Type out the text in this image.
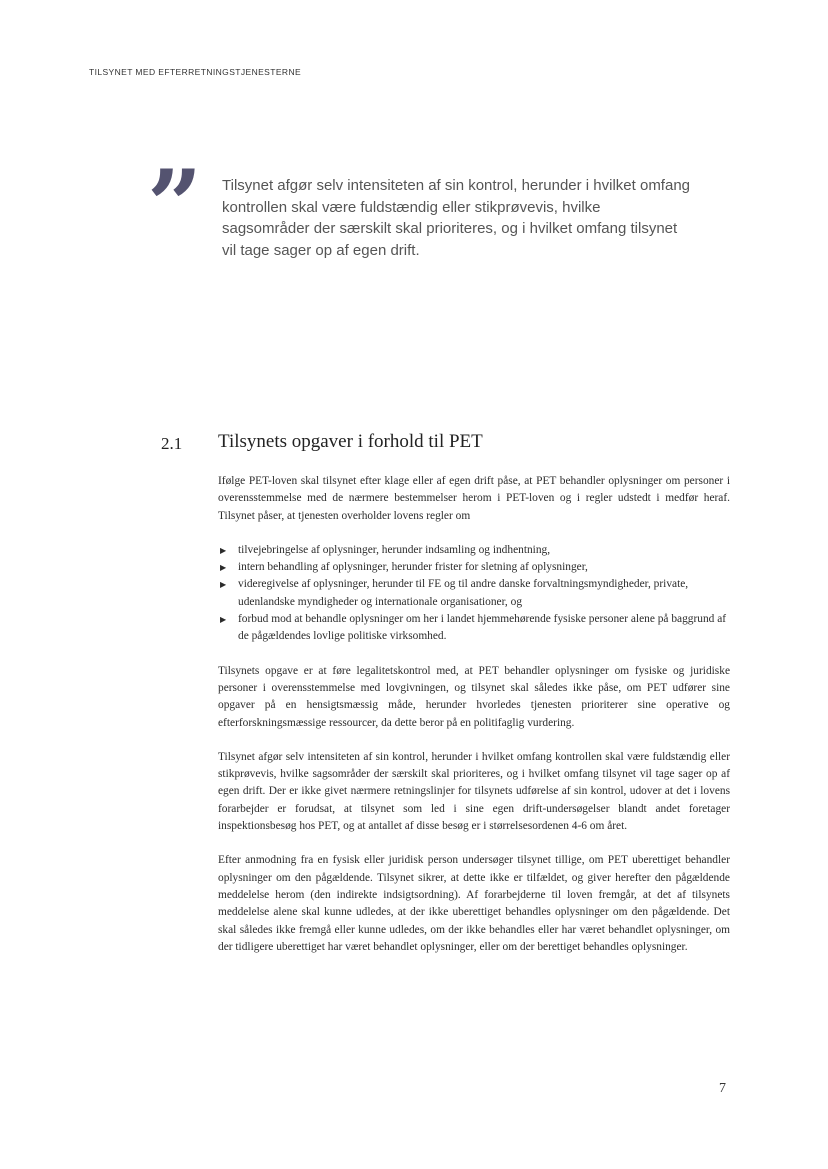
TILSYNET MED EFTERRETNINGSTJENESTERNE
” Tilsynet afgør selv intensiteten af sin kontrol, herunder i hvilket omfang kontrollen skal være fuldstændig eller stikprøvevis, hvilke sagsområder der særskilt skal prioriteres, og i hvilket omfang tilsynet vil tage sager op af egen drift.
2.1 Tilsynets opgaver i forhold til PET

Ifølge PET-loven skal tilsynet efter klage eller af egen drift påse, at PET behandler oplysninger om personer i overensstemmelse med de nærmere bestemmelser herom i PET-loven og i regler udstedt i medfør heraf. Tilsynet påser, at tjenesten overholder lovens regler om

▶ tilvejebringelse af oplysninger, herunder indsamling og indhentning,
▶ intern behandling af oplysninger, herunder frister for sletning af oplysninger,
▶ videregivelse af oplysninger, herunder til FE og til andre danske forvaltningsmyndigheder, private, udenlandske myndigheder og internationale organisationer, og
▶ forbud mod at behandle oplysninger om her i landet hjemmehørende fysiske personer alene på baggrund af de pågældendes lovlige politiske virksomhed.

Tilsynets opgave er at føre legalitetskontrol med, at PET behandler oplysninger om fysiske og juridiske personer i overensstemmelse med lovgivningen, og tilsynet skal således ikke påse, om PET udfører sine opgaver på en hensigtsmæssig måde, herunder hvorledes tjenesten prioriterer sine operative og efterforskningsmæssige ressourcer, da dette beror på en politifaglig vurdering.

Tilsynet afgør selv intensiteten af sin kontrol, herunder i hvilket omfang kontrollen skal være fuldstændig eller stikprøvevis, hvilke sagsområder der særskilt skal prioriteres, og i hvilket omfang tilsynet vil tage sager op af egen drift. Der er ikke givet nærmere retningslinjer for tilsynets udførelse af sin kontrol, udover at det i lovens forarbejder er forudsat, at tilsynet som led i sine egen drift-undersøgelser blandt andet foretager inspektionsbesøg hos PET, og at antallet af disse besøg er i størrelsesordenen 4-6 om året.

Efter anmodning fra en fysisk eller juridisk person undersøger tilsynet tillige, om PET uberettiget behandler oplysninger om den pågældende. Tilsynet sikrer, at dette ikke er tilfældet, og giver herefter den pågældende meddelelse herom (den indirekte indsigtsordning). Af forarbejderne til loven fremgår, at det af tilsynets meddelelse alene skal kunne udledes, at der ikke uberettiget behandles oplysninger om den pågældende. Det skal således ikke fremgå eller kunne udledes, om der ikke behandles eller har været behandlet oplysninger, om der tidligere uberettiget har været behandlet oplysninger, eller om der berettiget behandles oplysninger.

7
